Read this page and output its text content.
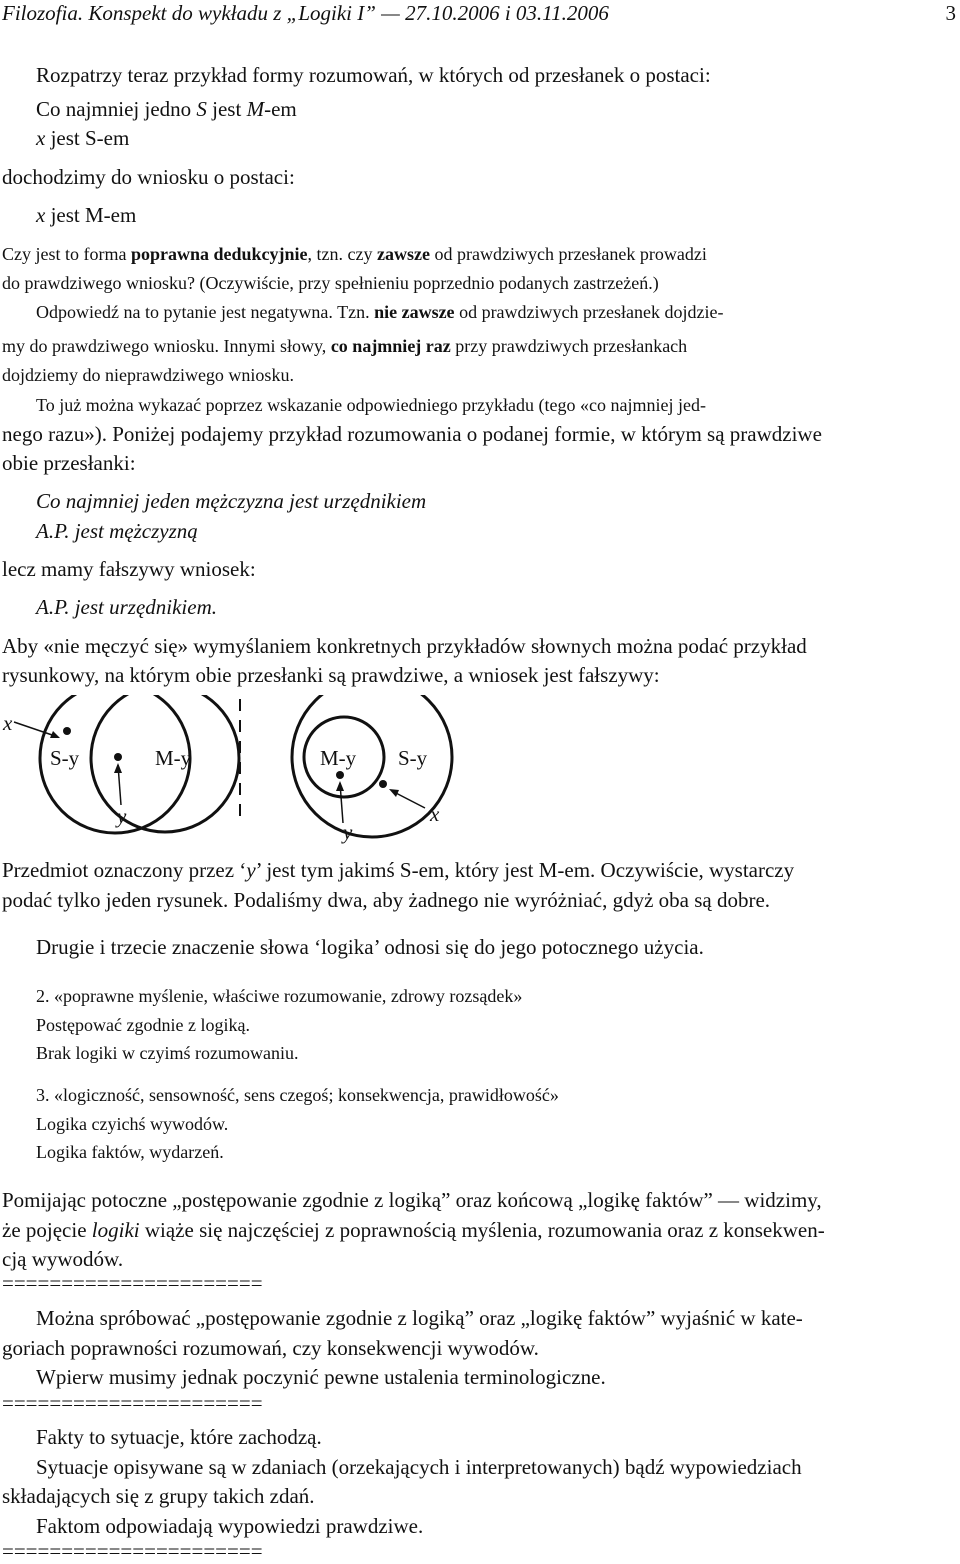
Filozofia. Konspekt do wykładu z „Logiki I” — 27.10.2006 i 03.11.2006	3
Rozpatrzy teraz przykład formy rozumowań, w których od przesłanek o postaci:
Co najmniej jedno S jest M-em
x jest S-em
dochodzimy do wniosku o postaci:
x jest M-em
Czy jest to forma poprawna dedukcyjnie, tzn. czy zawsze od prawdziwych przesłanek prowadzi
do prawdziwego wniosku? (Oczywiście, przy spełnieniu poprzednio podanych zastrzeżeń.)
Odpowiedź na to pytanie jest negatywna. Tzn. nie zawsze od prawdziwych przesłanek dojdzie-
my do prawdziwego wniosku. Innymi słowy, co najmniej raz przy prawdziwych przesłankach
dojdziemy do nieprawdziwego wniosku.
To już można wykazać poprzez wskazanie odpowiedniego przykładu (tego «co najmniej jed-
nego razu»). Poniżej podajemy przykład rozumowania o podanej formie, w którym są prawdziwe
obie przesłanki:
Co najmniej jeden mężczyzna jest urzędnikiem
A.P. jest mężczyzną
lecz mamy fałszywy wniosek:
A.P. jest urzędnikiem.
Aby «nie męczyć się» wymyślaniem konkretnych przykładów słownych można podać przykład
rysunkowy, na którym obie przesłanki są prawdziwe, a wniosek jest fałszywy:
x
S-y	M-y
y
M-y
y
S-y
x
Przedmiot oznaczony przez ‘y’ jest tym jakimś S-em, który jest M-em. Oczywiście, wystarczy
podać tylko jeden rysunek. Podaliśmy dwa, aby żadnego nie wyróżniać, gdyż oba są dobre.
Drugie i trzecie znaczenie słowa ‘logika’ odnosi się do jego potocznego użycia.
2. «poprawne myślenie, właściwe rozumowanie, zdrowy rozsądek»
Postępować zgodnie z logiką.
Brak logiki w czyimś rozumowaniu.
3. «logiczność, sensowność, sens czegoś; konsekwencja, prawidłowość»
Logika czyichś wywodów.
Logika faktów, wydarzeń.
Pomijając potoczne „postępowanie zgodnie z logiką” oraz końcową „logikę faktów” — widzimy,
że pojęcie logiki wiąże się najczęściej z poprawnością myślenia, rozumowania oraz z konsekwen-
cją wywodów.
======================
Można spróbować „postępowanie zgodnie z logiką” oraz „logikę faktów” wyjaśnić w kate-
goriach poprawności rozumowań, czy konsekwencji wywodów.
Wpierw musimy jednak poczynić pewne ustalenia terminologiczne.
======================
Fakty to sytuacje, które zachodzą.
Sytuacje opisywane są w zdaniach (orzekających i interpretowanych) bądź wypowiedziach
składających się z grupy takich zdań.
Faktom odpowiadają wypowiedzi prawdziwe.
======================
